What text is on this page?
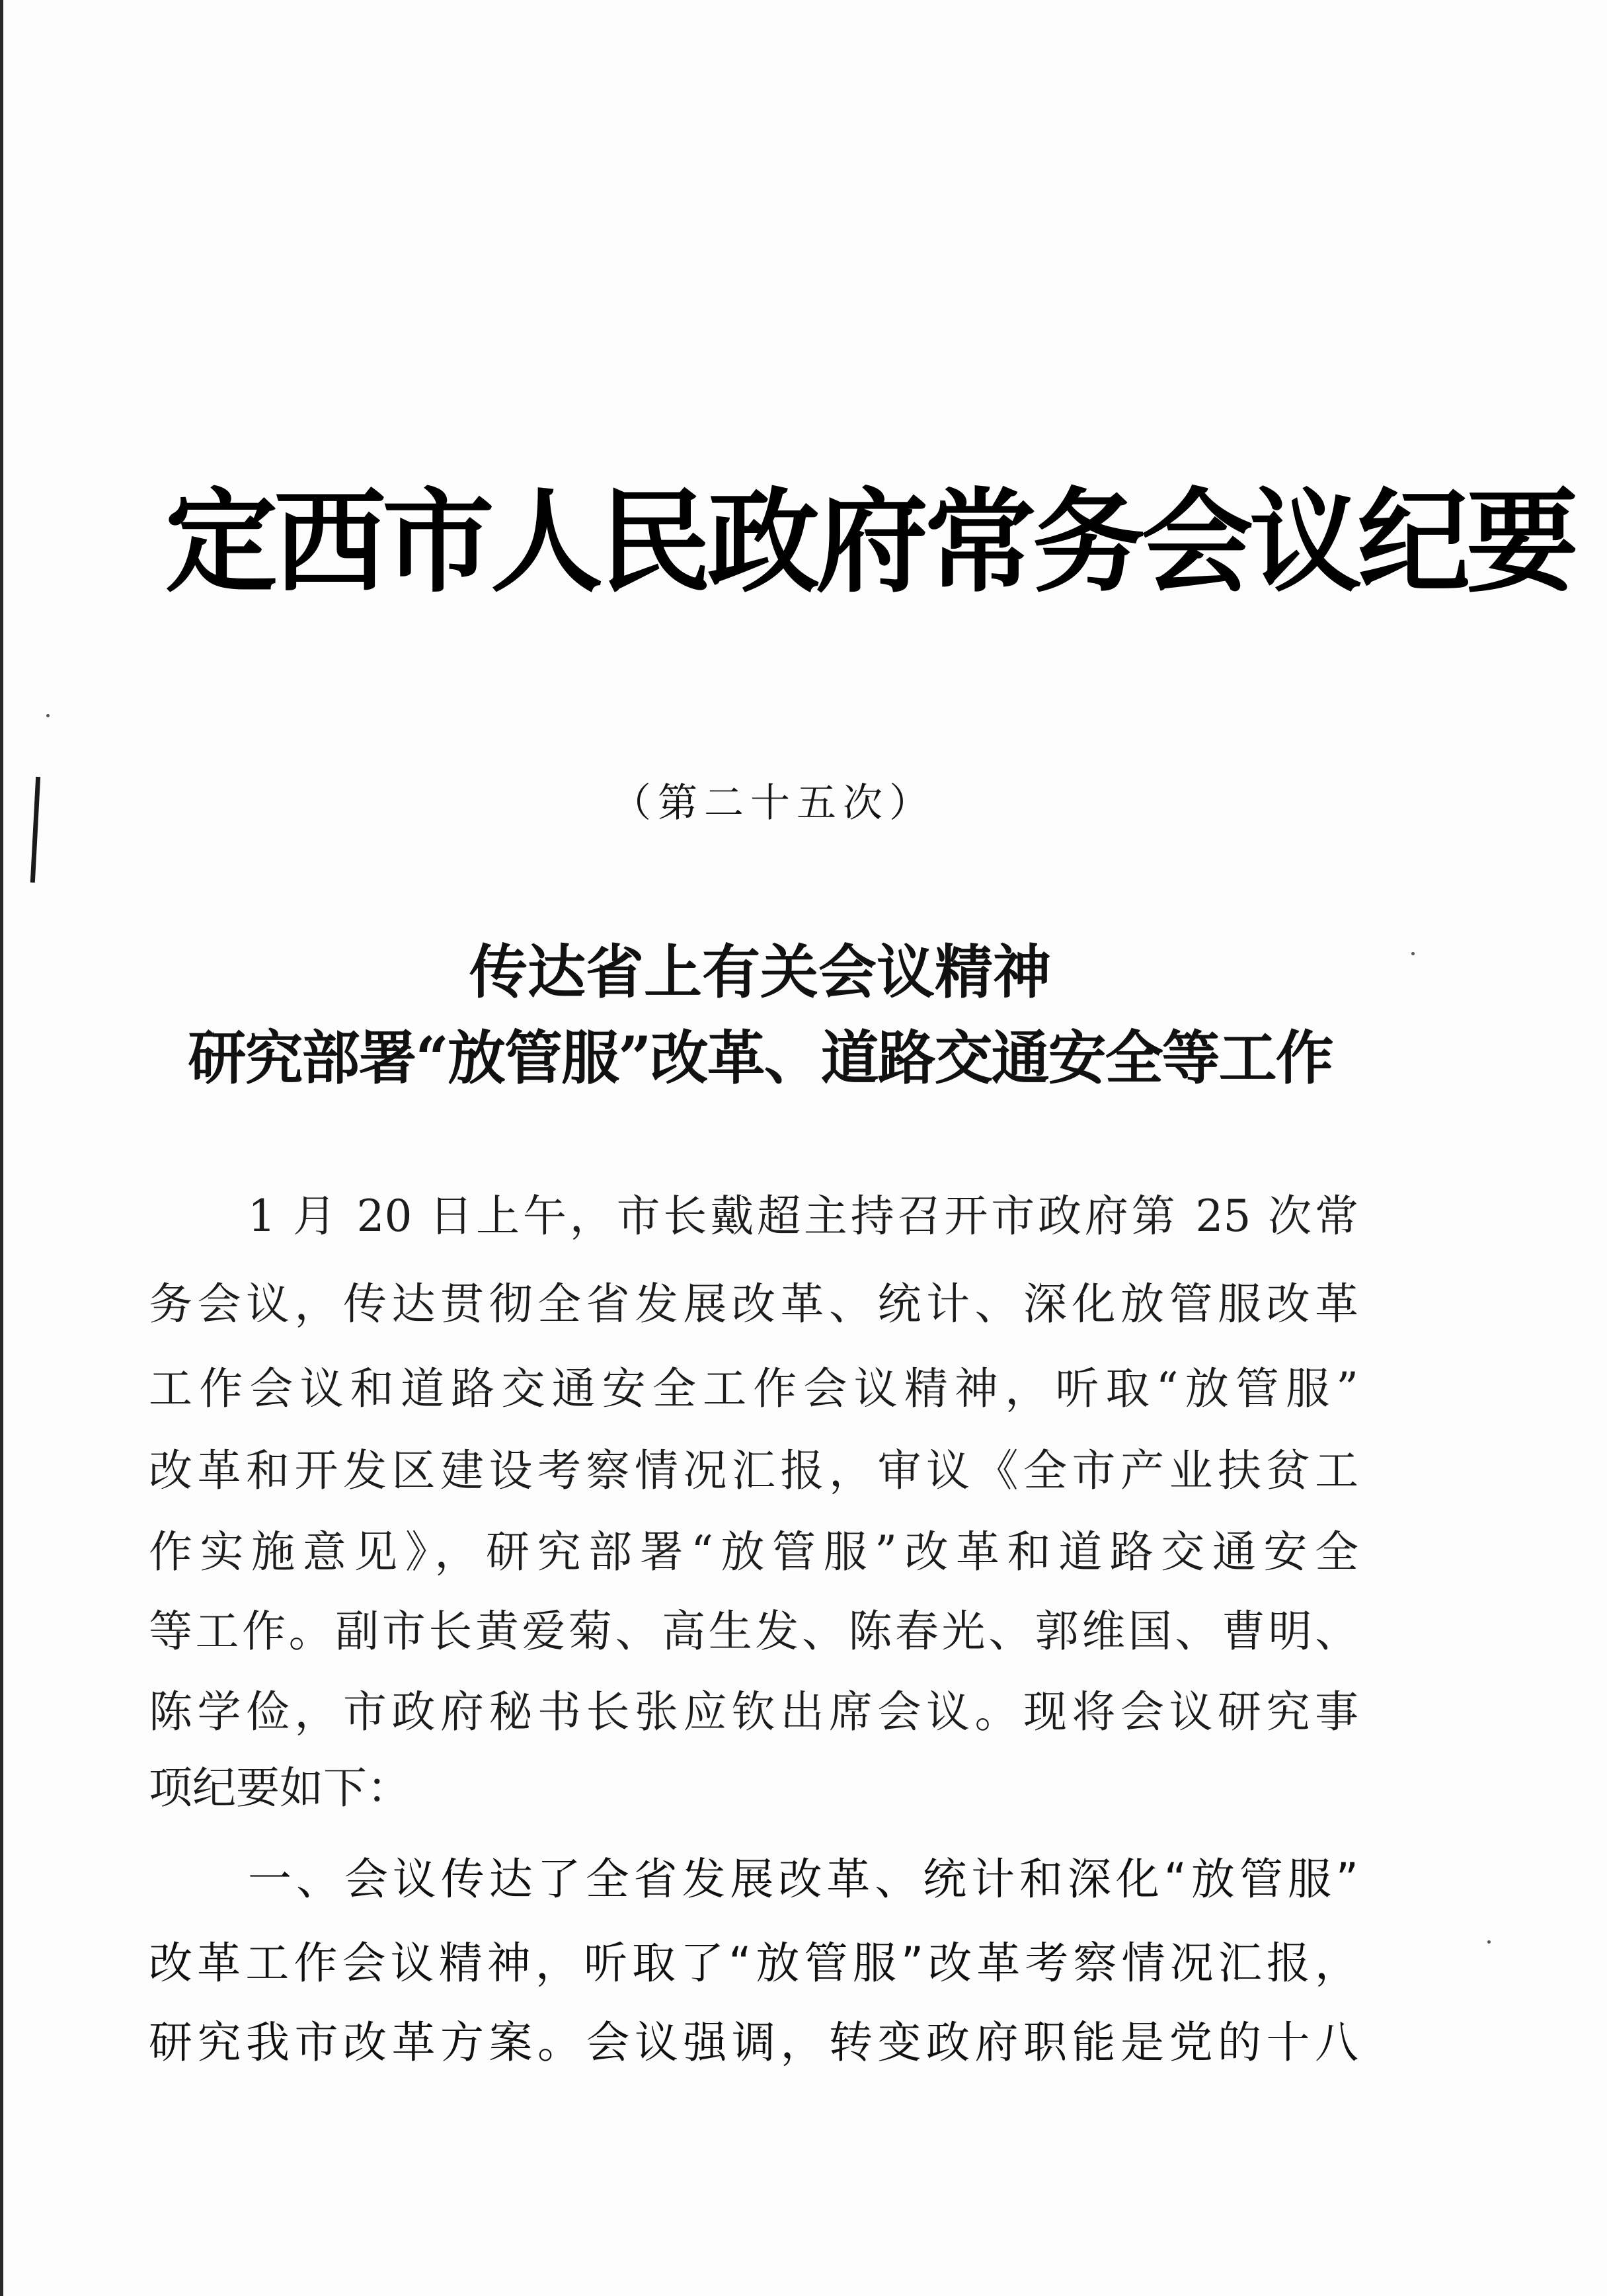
定西市人民政府常务会议纪要
（第二十五次）
传达省上有关会议精神
研究部署“放管服”改革、道路交通安全等工作
1 月 20 日上午，市长戴超主持召开市政府第 25 次常
务会议，传达贯彻全省发展改革、统计、深化放管服改革
工作会议和道路交通安全工作会议精神，听取“放管服”
改革和开发区建设考察情况汇报，审议《全市产业扶贫工
作实施意见》，研究部署“放管服”改革和道路交通安全
等工作。副市长黄爱菊、高生发、陈春光、郭维国、曹明、
陈学俭，市政府秘书长张应钦出席会议。现将会议研究事
项纪要如下：
一、会议传达了全省发展改革、统计和深化“放管服”
改革工作会议精神，听取了“放管服”改革考察情况汇报，
研究我市改革方案。会议强调，转变政府职能是党的十八
